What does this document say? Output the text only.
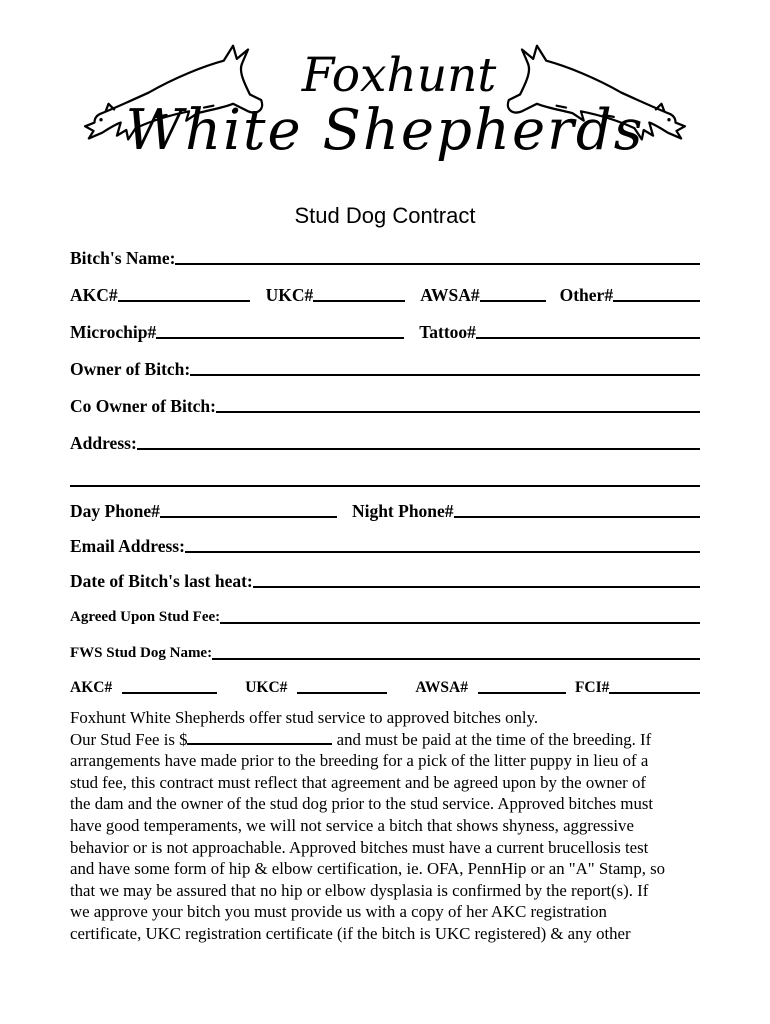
Foxhunt
White Shepherds
Stud Dog Contract
Bitch's Name:
AKC#	UKC#	AWSA#	Other#
Microchip#	Tattoo#
Owner of Bitch:
Co Owner of Bitch:
Address:
Day Phone#	Night Phone#
Email Address:
Date of Bitch's last heat:
Agreed Upon Stud Fee:
FWS Stud Dog Name:
AKC#	UKC#	AWSA#	FCI#
Foxhunt White Shepherds offer stud service to approved bitches only.
Our Stud Fee is $	and must be paid at the time of the breeding. If
arrangements have made prior to the breeding for a pick of the litter puppy in lieu of a
stud fee, this contract must reflect that agreement and be agreed upon by the owner of
the dam and the owner of the stud dog prior to the stud service. Approved bitches must
have good temperaments, we will not service a bitch that shows shyness, aggressive
behavior or is not approachable. Approved bitches must have a current brucellosis test
and have some form of hip & elbow certification, ie. OFA, PennHip or an "A" Stamp, so
that we may be assured that no hip or elbow dysplasia is confirmed by the report(s). If
we approve your bitch you must provide us with a copy of her AKC registration
certificate, UKC registration certificate (if the bitch is UKC registered) & any other
